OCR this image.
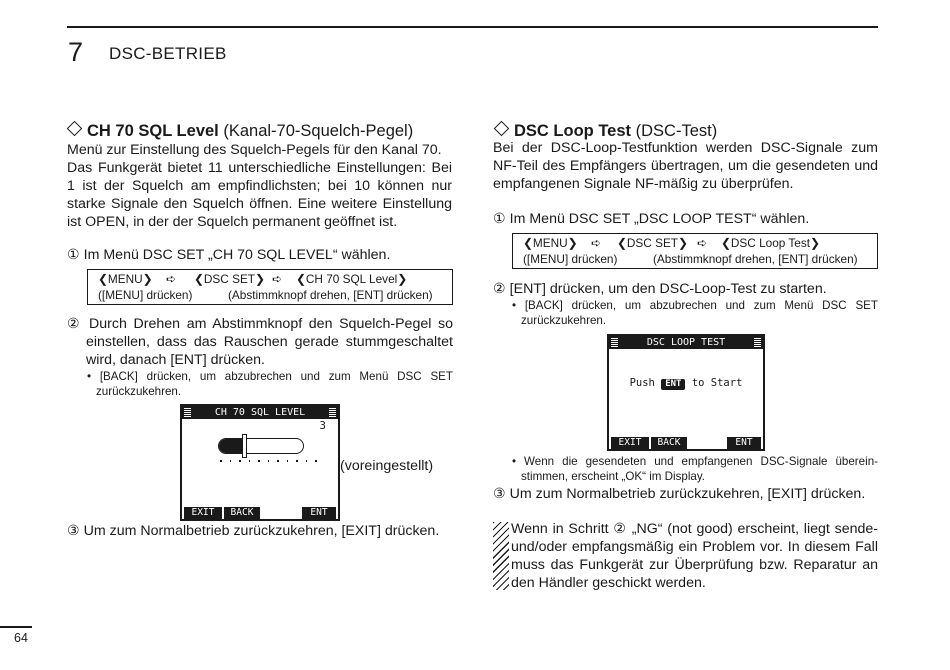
7 DSC-BETRIEB
CH 70 SQL Level (Kanal-70-Squelch-Pegel)
Menü zur Einstellung des Squelch-Pegels für den Kanal 70.
Das Funkgerät bietet 11 unterschiedliche Einstellungen: Bei
1 ist der Squelch am empfindlichsten; bei 10 können nur
starke Signale den Squelch öffnen. Eine weitere Einstellung
ist OPEN, in der der Squelch permanent geöffnet ist.
① Im Menü DSC SET „CH 70 SQL LEVEL“ wählen.
❮MENU❯ ➪ ❮DSC SET❯ ➪ ❮CH 70 SQL Level❯
([MENU] drücken)	(Abstimmknopf drehen, [ENT] drücken)
② Durch Drehen am Abstimmknopf den Squelch-Pegel so
einstellen, dass das Rauschen gerade stummgeschaltet
wird, danach [ENT] drücken.
• [BACK] drücken, um abzubrechen und zum Menü DSC SET
zurückzukehren.
CH 70 SQL LEVEL
3
EXIT	BACK	ENT
(voreingestellt)
③ Um zum Normalbetrieb zurückzukehren, [EXIT] drücken.
DSC Loop Test (DSC-Test)
Bei der DSC-Loop-Testfunktion werden DSC-Signale zum
NF-Teil des Empfängers übertragen, um die gesendeten und
empfangenen Signale NF-mäßig zu überprüfen.
① Im Menü DSC SET „DSC LOOP TEST“ wählen.
❮MENU❯ ➪ ❮DSC SET❯ ➪ ❮DSC Loop Test❯
([MENU] drücken)	(Abstimmknopf drehen, [ENT] drücken)
② [ENT] drücken, um den DSC-Loop-Test zu starten.
• [BACK] drücken, um abzubrechen und zum Menü DSC SET
zurückzukehren.
DSC LOOP TEST
Push ENT to Start
EXIT	BACK	ENT
• Wenn die gesendeten und empfangenen DSC-Signale überein-
stimmen, erscheint „OK“ im Display.
③ Um zum Normalbetrieb zurückzukehren, [EXIT] drücken.
Wenn in Schritt ② „NG“ (not good) erscheint, liegt sende-
und/oder empfangsmäßig ein Problem vor. In diesem Fall
muss das Funkgerät zur Überprüfung bzw. Reparatur an
den Händler geschickt werden.
64
